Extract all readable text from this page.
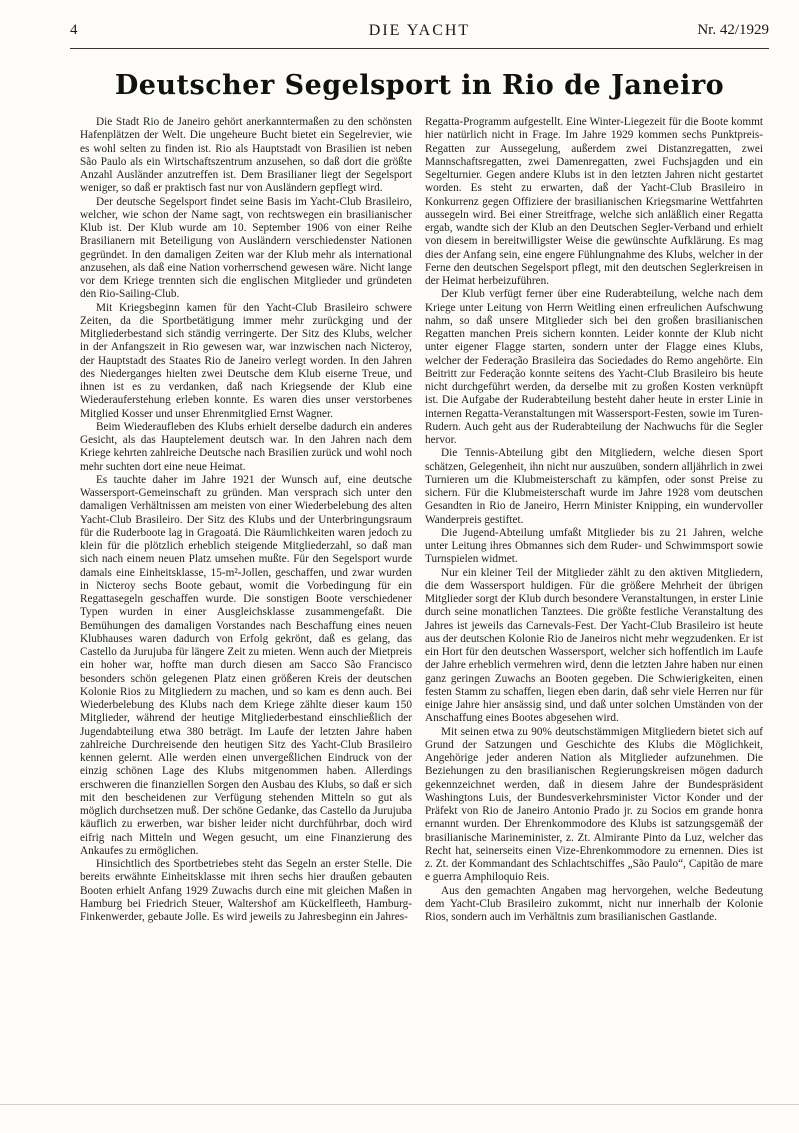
4	DIE YACHT	Nr. 42/1929
Deutscher Segelsport in Rio de Janeiro

Die Stadt Rio de Janeiro gehört anerkanntermaßen zu den schönsten Hafenplätzen der Welt. Die ungeheure Bucht bietet ein Segelrevier, wie es wohl selten zu finden ist. Rio als Hauptstadt von Brasilien ist neben São Paulo als ein Wirtschaftszentrum anzusehen, so daß dort die größte Anzahl Ausländer anzutreffen ist. Dem Brasilianer liegt der Segelsport weniger, so daß er praktisch fast nur von Ausländern gepflegt wird.

Der deutsche Segelsport findet seine Basis im Yacht-Club Brasileiro, welcher, wie schon der Name sagt, von rechtswegen ein brasilianischer Klub ist. Der Klub wurde am 10. September 1906 von einer Reihe Brasilianern mit Beteiligung von Ausländern verschiedenster Nationen gegründet. In den damaligen Zeiten war der Klub mehr als international anzusehen, als daß eine Nation vorherrschend gewesen wäre. Nicht lange vor dem Kriege trennten sich die englischen Mitglieder und gründeten den Rio-Sailing-Club.

Mit Kriegsbeginn kamen für den Yacht-Club Brasileiro schwere Zeiten, da die Sportbetätigung immer mehr zurückging und der Mitgliederbestand sich ständig verringerte. Der Sitz des Klubs, welcher in der Anfangszeit in Rio gewesen war, war inzwischen nach Nicteroy, der Hauptstadt des Staates Rio de Janeiro verlegt worden. In den Jahren des Niederganges hielten zwei Deutsche dem Klub eiserne Treue, und ihnen ist es zu verdanken, daß nach Kriegsende der Klub eine Wiederauferstehung erleben konnte. Es waren dies unser verstorbenes Mitglied Kosser und unser Ehrenmitglied Ernst Wagner.

Beim Wiederaufleben des Klubs erhielt derselbe dadurch ein anderes Gesicht, als das Hauptelement deutsch war. In den Jahren nach dem Kriege kehrten zahlreiche Deutsche nach Brasilien zurück und wohl noch mehr suchten dort eine neue Heimat.

Es tauchte daher im Jahre 1921 der Wunsch auf, eine deutsche Wassersport-Gemeinschaft zu gründen. Man versprach sich unter den damaligen Verhältnissen am meisten von einer Wiederbelebung des alten Yacht-Club Brasileiro. Der Sitz des Klubs und der Unterbringungsraum für die Ruderboote lag in Gragoatá. Die Räumlichkeiten waren jedoch zu klein für die plötzlich erheblich steigende Mitgliederzahl, so daß man sich nach einem neuen Platz umsehen mußte. Für den Segelsport wurde damals eine Einheitsklasse, 15-m²-Jollen, geschaffen, und zwar wurden in Nicteroy sechs Boote gebaut, womit die Vorbedingung für ein Regattasegeln geschaffen wurde. Die sonstigen Boote verschiedener Typen wurden in einer Ausgleichsklasse zusammengefaßt. Die Bemühungen des damaligen Vorstandes nach Beschaffung eines neuen Klubhauses waren dadurch von Erfolg gekrönt, daß es gelang, das Castello da Jurujuba für längere Zeit zu mieten. Wenn auch der Mietpreis ein hoher war, hoffte man durch diesen am Sacco São Francisco besonders schön gelegenen Platz einen größeren Kreis der deutschen Kolonie Rios zu Mitgliedern zu machen, und so kam es denn auch. Bei Wiederbelebung des Klubs nach dem Kriege zählte dieser kaum 150 Mitglieder, während der heutige Mitgliederbestand einschließlich der Jugendabteilung etwa 380 beträgt. Im Laufe der letzten Jahre haben zahlreiche Durchreisende den heutigen Sitz des Yacht-Club Brasileiro kennen gelernt. Alle werden einen unvergeßlichen Eindruck von der einzig schönen Lage des Klubs mitgenommen haben. Allerdings erschweren die finanziellen Sorgen den Ausbau des Klubs, so daß er sich mit den bescheidenen zur Verfügung stehenden Mitteln so gut als möglich durchsetzen muß. Der schöne Gedanke, das Castello da Jurujuba käuflich zu erwerben, war bisher leider nicht durchführbar, doch wird eifrig nach Mitteln und Wegen gesucht, um eine Finanzierung des Ankaufes zu ermöglichen.

Hinsichtlich des Sportbetriebes steht das Segeln an erster Stelle. Die bereits erwähnte Einheitsklasse mit ihren sechs hier draußen gebauten Booten erhielt Anfang 1929 Zuwachs durch eine mit gleichen Maßen in Hamburg bei Friedrich Steuer, Waltershof am Kückelfleeth, Hamburg-Finkenwerder, gebaute Jolle. Es wird jeweils zu Jahresbeginn ein Jahres-

Regatta-Programm aufgestellt. Eine Winter-Liegezeit für die Boote kommt hier natürlich nicht in Frage. Im Jahre 1929 kommen sechs Punktpreis-Regatten zur Aussegelung, außerdem zwei Distanzregatten, zwei Mannschaftsregatten, zwei Damenregatten, zwei Fuchsjagden und ein Segelturnier. Gegen andere Klubs ist in den letzten Jahren nicht gestartet worden. Es steht zu erwarten, daß der Yacht-Club Brasileiro in Konkurrenz gegen Offiziere der brasilianischen Kriegsmarine Wettfahrten aussegeln wird. Bei einer Streitfrage, welche sich anläßlich einer Regatta ergab, wandte sich der Klub an den Deutschen Segler-Verband und erhielt von diesem in bereitwilligster Weise die gewünschte Aufklärung. Es mag dies der Anfang sein, eine engere Fühlungnahme des Klubs, welcher in der Ferne den deutschen Segelsport pflegt, mit den deutschen Seglerkreisen in der Heimat herbeizuführen.

Der Klub verfügt ferner über eine Ruderabteilung, welche nach dem Kriege unter Leitung von Herrn Weitling einen erfreulichen Aufschwung nahm, so daß unsere Mitglieder sich bei den großen brasilianischen Regatten manchen Preis sichern konnten. Leider konnte der Klub nicht unter eigener Flagge starten, sondern unter der Flagge eines Klubs, welcher der Federação Brasileira das Sociedades do Remo angehörte. Ein Beitritt zur Federação konnte seitens des Yacht-Club Brasileiro bis heute nicht durchgeführt werden, da derselbe mit zu großen Kosten verknüpft ist. Die Aufgabe der Ruderabteilung besteht daher heute in erster Linie in internen Regatta-Veranstaltungen mit Wassersport-Festen, sowie im Turen-Rudern. Auch geht aus der Ruderabteilung der Nachwuchs für die Segler hervor.

Die Tennis-Abteilung gibt den Mitgliedern, welche diesen Sport schätzen, Gelegenheit, ihn nicht nur auszuüben, sondern alljährlich in zwei Turnieren um die Klubmeisterschaft zu kämpfen, oder sonst Preise zu sichern. Für die Klubmeisterschaft wurde im Jahre 1928 vom deutschen Gesandten in Rio de Janeiro, Herrn Minister Knipping, ein wundervoller Wanderpreis gestiftet.

Die Jugend-Abteilung umfaßt Mitglieder bis zu 21 Jahren, welche unter Leitung ihres Obmannes sich dem Ruder- und Schwimmsport sowie Turnspielen widmet.

Nur ein kleiner Teil der Mitglieder zählt zu den aktiven Mitgliedern, die dem Wassersport huldigen. Für die größere Mehrheit der übrigen Mitglieder sorgt der Klub durch besondere Veranstaltungen, in erster Linie durch seine monatlichen Tanztees. Die größte festliche Veranstaltung des Jahres ist jeweils das Carnevals-Fest. Der Yacht-Club Brasileiro ist heute aus der deutschen Kolonie Rio de Janeiros nicht mehr wegzudenken. Er ist ein Hort für den deutschen Wassersport, welcher sich hoffentlich im Laufe der Jahre erheblich vermehren wird, denn die letzten Jahre haben nur einen ganz geringen Zuwachs an Booten gegeben. Die Schwierigkeiten, einen festen Stamm zu schaffen, liegen eben darin, daß sehr viele Herren nur für einige Jahre hier ansässig sind, und daß unter solchen Umständen von der Anschaffung eines Bootes abgesehen wird.

Mit seinen etwa zu 90% deutschstämmigen Mitgliedern bietet sich auf Grund der Satzungen und Geschichte des Klubs die Möglichkeit, Angehörige jeder anderen Nation als Mitglieder aufzunehmen. Die Beziehungen zu den brasilianischen Regierungskreisen mögen dadurch gekennzeichnet werden, daß in diesem Jahre der Bundespräsident Washingtons Luis, der Bundesverkehrsminister Victor Konder und der Präfekt von Rio de Janeiro Antonio Prado jr. zu Socios em grande honra ernannt wurden. Der Ehrenkommodore des Klubs ist satzungsgemäß der brasilianische Marineminister, z. Zt. Almirante Pinto da Luz, welcher das Recht hat, seinerseits einen Vize-Ehrenkommodore zu ernennen. Dies ist z. Zt. der Kommandant des Schlachtschiffes „São Paulo“, Capitão de mare e guerra Amphiloquio Reis.

Aus den gemachten Angaben mag hervorgehen, welche Bedeutung dem Yacht-Club Brasileiro zukommt, nicht nur innerhalb der Kolonie Rios, sondern auch im Verhältnis zum brasilianischen Gastlande.
